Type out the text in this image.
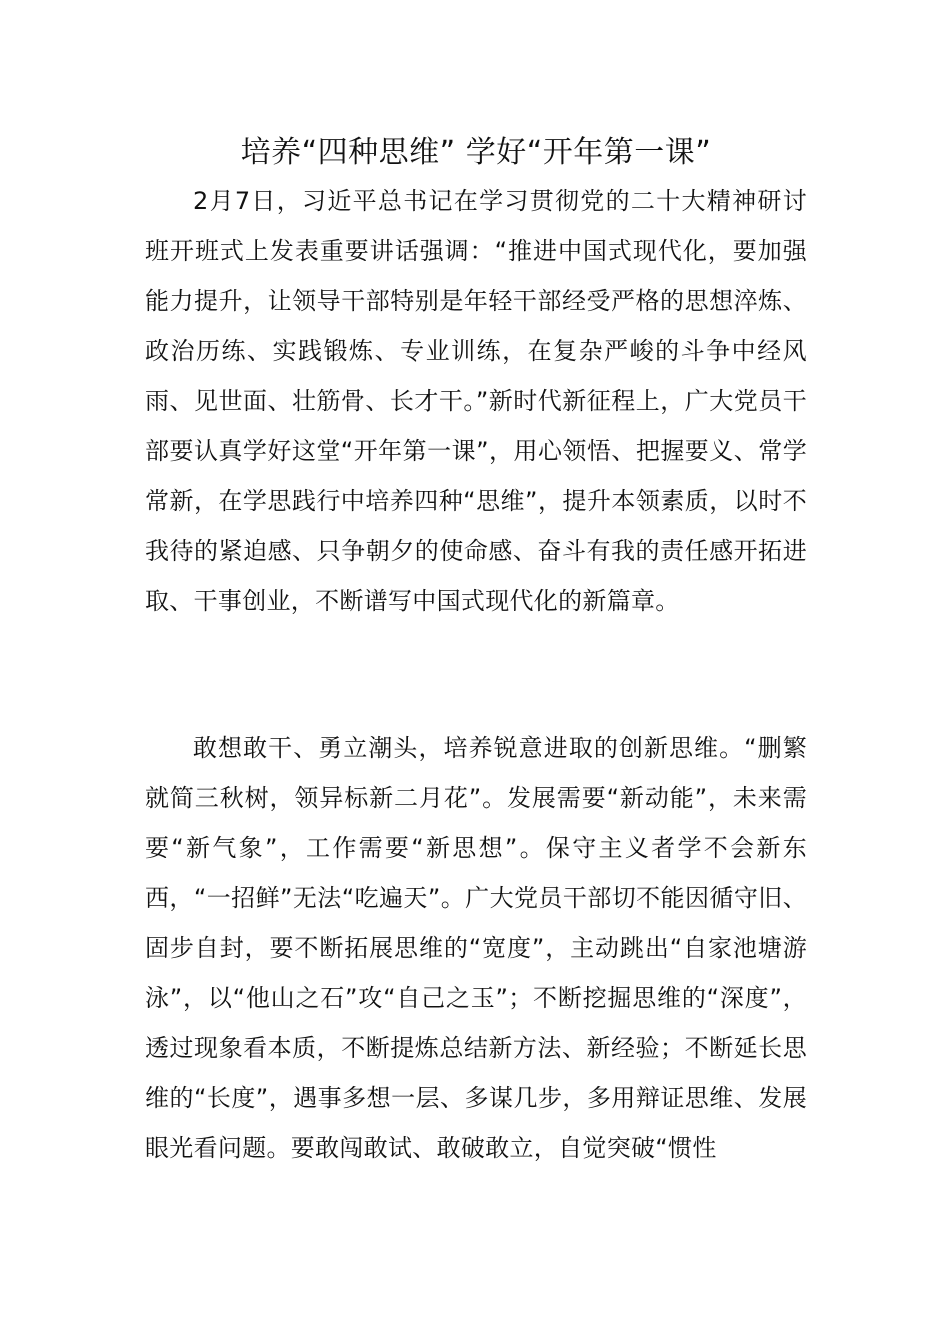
培养“四种思维” 学好“开年第一课”

2月7日，习近平总书记在学习贯彻党的二十大精神研讨班开班式上发表重要讲话强调：“推进中国式现代化，要加强能力提升，让领导干部特别是年轻干部经受严格的思想淬炼、政治历练、实践锻炼、专业训练，在复杂严峻的斗争中经风雨、见世面、壮筋骨、长才干。”新时代新征程上，广大党员干部要认真学好这堂“开年第一课”，用心领悟、把握要义、常学常新，在学思践行中培养四种“思维”，提升本领素质，以时不我待的紧迫感、只争朝夕的使命感、奋斗有我的责任感开拓进取、干事创业，不断谱写中国式现代化的新篇章。

敢想敢干、勇立潮头，培养锐意进取的创新思维。“删繁就简三秋树，领异标新二月花”。发展需要“新动能”，未来需要“新气象”，工作需要“新思想”。保守主义者学不会新东西，“一招鲜”无法“吃遍天”。广大党员干部切不能因循守旧、固步自封，要不断拓展思维的“宽度”，主动跳出“自家池塘游泳”，以“他山之石”攻“自己之玉”；不断挖掘思维的“深度”，透过现象看本质，不断提炼总结新方法、新经验；不断延长思维的“长度”，遇事多想一层、多谋几步，多用辩证思维、发展眼光看问题。要敢闯敢试、敢破敢立，自觉突破“惯性
